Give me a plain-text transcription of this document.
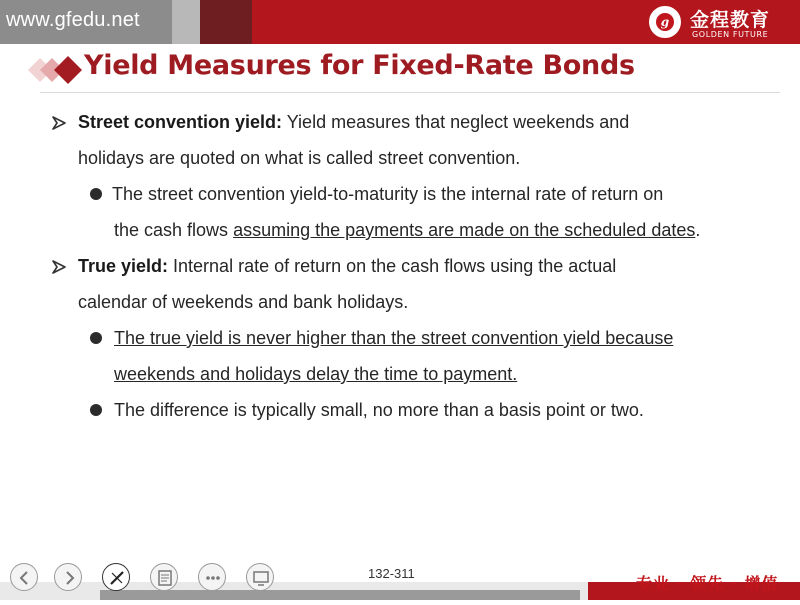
www.gfedu.net	g 金程教育
GOLDEN FUTURE
Yield Measures for Fixed-Rate Bonds
Street convention yield: Yield measures that neglect weekends and
holidays are quoted on what is called street convention.
The street convention yield-to-maturity is the internal rate of return on
the cash flows assuming the payments are made on the scheduled dates.
True yield: Internal rate of return on the cash flows using the actual
calendar of weekends and bank holidays.
The true yield is never higher than the street convention yield because
weekends and holidays delay the time to payment.
The difference is typically small, no more than a basis point or two.
132-311
专业 · 领先 · 增值
